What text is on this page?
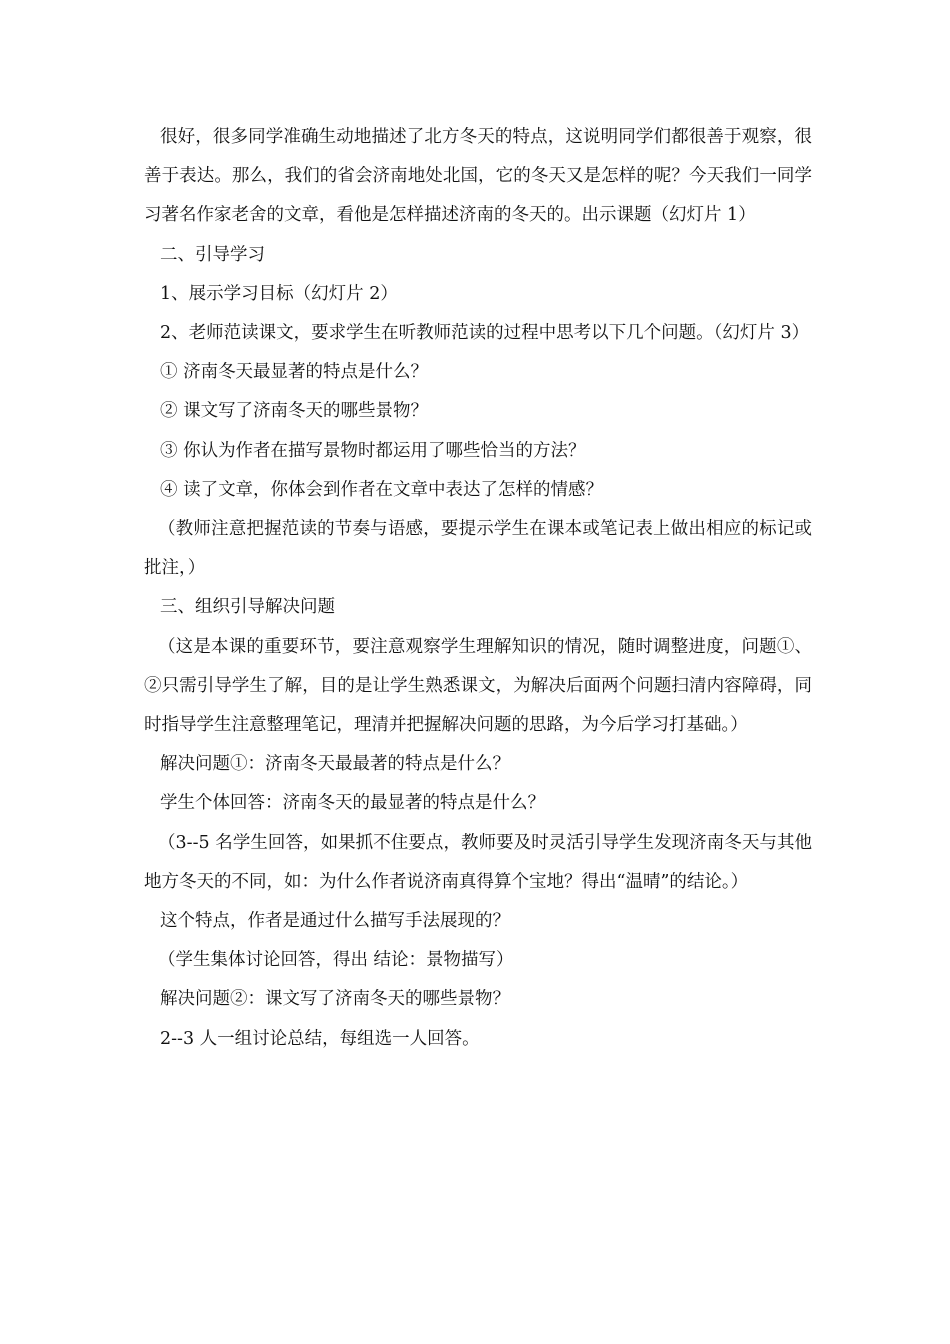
很好，很多同学准确生动地描述了北方冬天的特点，这说明同学们都很善于观察，很善于表达。那么，我们的省会济南地处北国，它的冬天又是怎样的呢？今天我们一同学习著名作家老舍的文章，看他是怎样描述济南的冬天的。出示课题（幻灯片 1）

二、引导学习

1、展示学习目标（幻灯片 2）

2、老师范读课文，要求学生在听教师范读的过程中思考以下几个问题。（幻灯片 3）

① 济南冬天最显著的特点是什么？

② 课文写了济南冬天的哪些景物？

③ 你认为作者在描写景物时都运用了哪些恰当的方法？

④ 读了文章，你体会到作者在文章中表达了怎样的情感？

（教师注意把握范读的节奏与语感，要提示学生在课本或笔记表上做出相应的标记或批注，）

三、组织引导解决问题

（这是本课的重要环节，要注意观察学生理解知识的情况，随时调整进度，问题①、②只需引导学生了解，目的是让学生熟悉课文，为解决后面两个问题扫清内容障碍，同时指导学生注意整理笔记，理清并把握解决问题的思路，为今后学习打基础。）

解决问题①：济南冬天最最著的特点是什么？

学生个体回答：济南冬天的最显著的特点是什么？

（3--5 名学生回答，如果抓不住要点，教师要及时灵活引导学生发现济南冬天与其他地方冬天的不同，如：为什么作者说济南真得算个宝地？得出“温晴”的结论。）

这个特点，作者是通过什么描写手法展现的？

（学生集体讨论回答，得出 结论：景物描写）

解决问题②：课文写了济南冬天的哪些景物？

2--3 人一组讨论总结，每组选一人回答。
